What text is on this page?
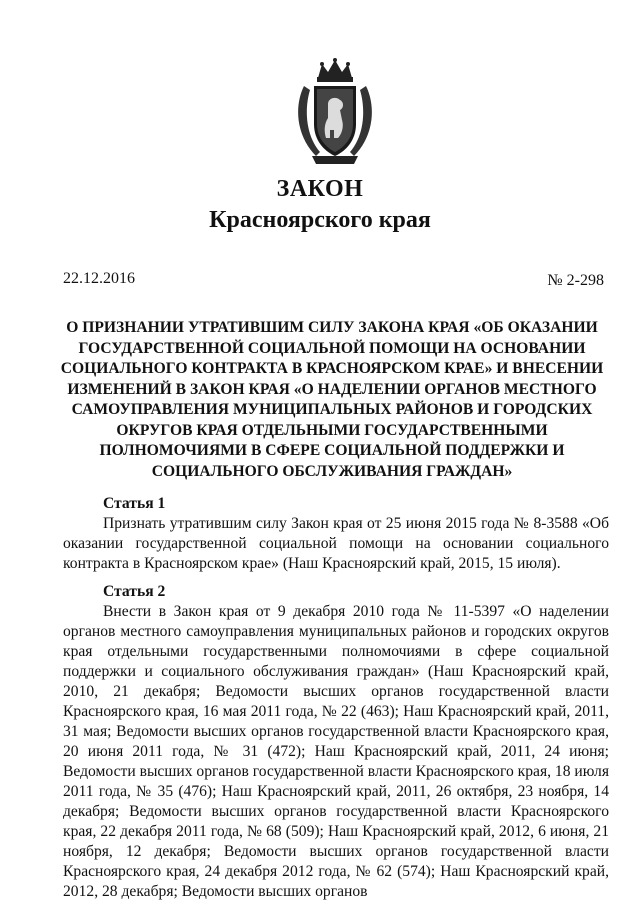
ЗАКОН
Красноярского края
22.12.2016	№ 2-298
О ПРИЗНАНИИ УТРАТИВШИМ СИЛУ ЗАКОНА КРАЯ «ОБ ОКАЗАНИИ ГОСУДАРСТВЕННОЙ СОЦИАЛЬНОЙ ПОМОЩИ НА ОСНОВАНИИ СОЦИАЛЬНОГО КОНТРАКТА В КРАСНОЯРСКОМ КРАЕ» И ВНЕСЕНИИ ИЗМЕНЕНИЙ В ЗАКОН КРАЯ «О НАДЕЛЕНИИ ОРГАНОВ МЕСТНОГО САМОУПРАВЛЕНИЯ МУНИЦИПАЛЬНЫХ РАЙОНОВ И ГОРОДСКИХ ОКРУГОВ КРАЯ ОТДЕЛЬНЫМИ ГОСУДАРСТВЕННЫМИ ПОЛНОМОЧИЯМИ В СФЕРЕ СОЦИАЛЬНОЙ ПОДДЕРЖКИ И СОЦИАЛЬНОГО ОБСЛУЖИВАНИЯ ГРАЖДАН»
Статья 1

Признать утратившим силу Закон края от 25 июня 2015 года № 8-3588 «Об оказании государственной социальной помощи на основании социального контракта в Красноярском крае» (Наш Красноярский край, 2015, 15 июля).

Статья 2

Внести в Закон края от 9 декабря 2010 года № 11-5397 «О наделении органов местного самоуправления муниципальных районов и городских округов края отдельными государственными полномочиями в сфере социальной поддержки и социального обслуживания граждан» (Наш Красноярский край, 2010, 21 декабря; Ведомости высших органов государственной власти Красноярского края, 16 мая 2011 года, № 22 (463); Наш Красноярский край, 2011, 31 мая; Ведомости высших органов государственной власти Красноярского края, 20 июня 2011 года, № 31 (472); Наш Красноярский край, 2011, 24 июня; Ведомости высших органов государственной власти Красноярского края, 18 июля 2011 года, № 35 (476); Наш Красноярский край, 2011, 26 октября, 23 ноября, 14 декабря; Ведомости высших органов государственной власти Красноярского края, 22 декабря 2011 года, № 68 (509); Наш Красноярский край, 2012, 6 июня, 21 ноября, 12 декабря; Ведомости высших органов государственной власти Красноярского края, 24 декабря 2012 года, № 62 (574); Наш Красноярский край, 2012, 28 декабря; Ведомости высших органов
